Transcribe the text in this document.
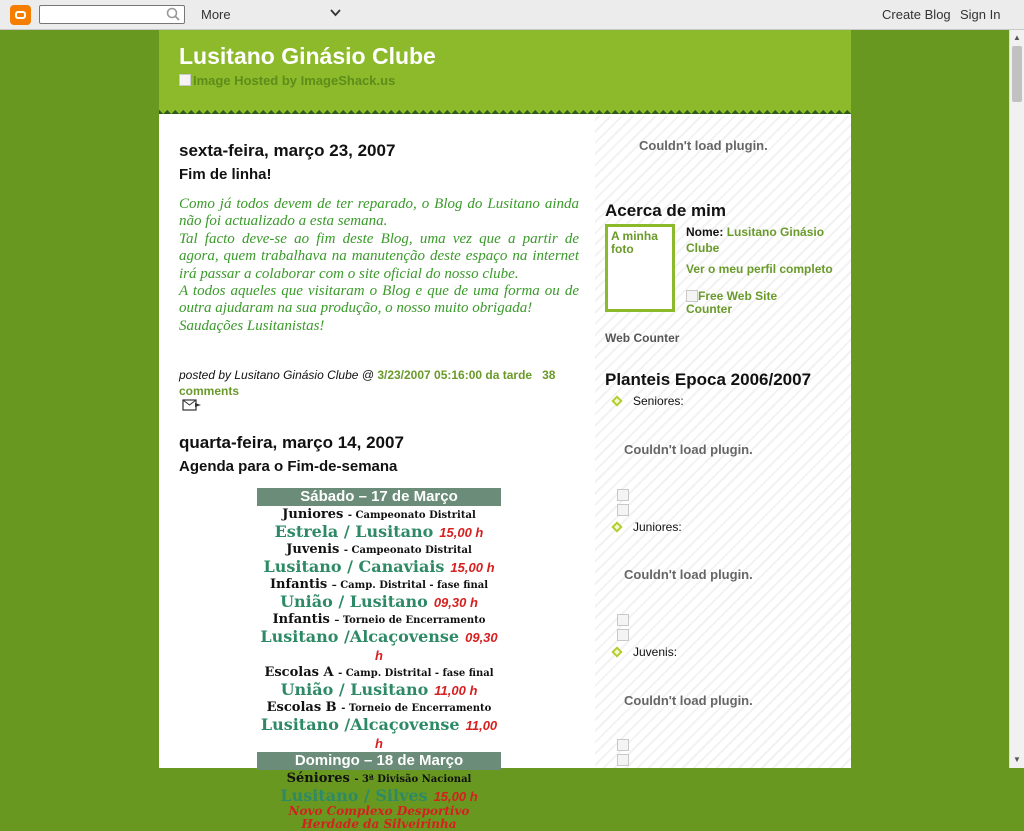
More	Create Blog Sign In
▲
▼
Lusitano Ginásio Clube
Image Hosted by ImageShack.us
sexta-feira, março 23, 2007
Fim de linha!

Como já todos devem de ter reparado, o Blog do Lusitano ainda não foi actualizado a esta semana.

Tal facto deve-se ao fim deste Blog, uma vez que a partir de agora, quem trabalhava na manutenção deste espaço na internet irá passar a colaborar com o site oficial do nosso clube.

A todos aqueles que visitaram o Blog e que de uma forma ou de outra ajudaram na sua produção, o nosso muito obrigada!

Saudações Lusitanistas!

posted by Lusitano Ginásio Clube @ 3/23/2007 05:16:00 da tarde 38 comments
quarta-feira, março 14, 2007
Agenda para o Fim-de-semana
Sábado – 17 de Março
Juniores - Campeonato Distrital
Estrela / Lusitano 15,00 h
Juvenis - Campeonato Distrital
Lusitano / Canaviais 15,00 h
Infantis – Camp. Distrital - fase final
União / Lusitano 09,30 h
Infantis – Torneio de Encerramento
Lusitano /Alcaçovense 09,30 h
Escolas A - Camp. Distrital - fase final
União / Lusitano 11,00 h
Escolas B - Torneio de Encerramento
Lusitano /Alcaçovense 11,00 h
Domingo – 18 de Março
Séniores - 3ª Divisão Nacional
Lusitano / Silves 15,00 h
Novo Complexo Desportivo
Herdade da Silveirinha
Couldn't load plugin.
Acerca de mim
A minha foto
Nome: Lusitano Ginásio Clube
Ver o meu perfil completo
Free Web Site Counter
Web Counter
Planteis Epoca 2006/2007
Seniores:
Couldn't load plugin.
Juniores:
Couldn't load plugin.
Juvenis:
Couldn't load plugin.
